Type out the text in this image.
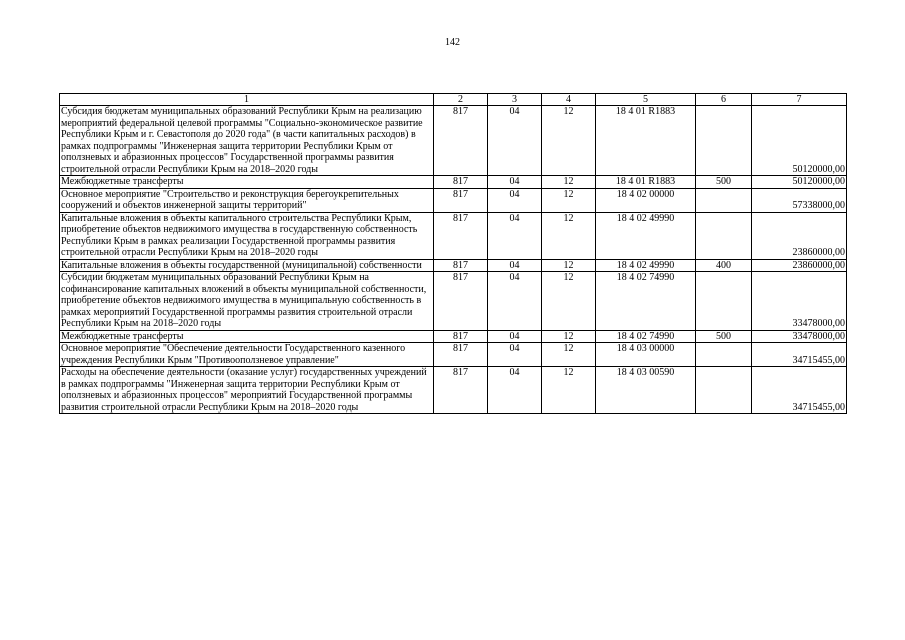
142
1	2	3	4	5	6	7
Субсидия бюджетам муниципальных образований Республики Крым на реализацию мероприятий федеральной целевой программы "Социально-экономическое развитие Республики Крым и г. Севастополя до 2020 года" (в части капитальных расходов) в рамках подпрограммы "Инженерная защита территории Республики Крым от оползневых и абразионных процессов" Государственной программы развития строительной отрасли Республики Крым на 2018–2020 годы	817	04	12	18 4 01 R1883		50120000,00
Межбюджетные трансферты	817	04	12	18 4 01 R1883	500	50120000,00
Основное мероприятие "Строительство и реконструкция берегоукрепительных сооружений и объектов инженерной защиты территорий"	817	04	12	18 4 02 00000		57338000,00
Капитальные вложения в объекты капитального строительства Республики Крым, приобретение объектов недвижимого имущества в государственную собственность Республики Крым в рамках реализации Государственной программы развития строительной отрасли Республики Крым на 2018–2020 годы	817	04	12	18 4 02 49990		23860000,00
Капитальные вложения в объекты государственной (муниципальной) собственности	817	04	12	18 4 02 49990	400	23860000,00
Субсидии бюджетам муниципальных образований Республики Крым на софинансирование капитальных вложений в объекты муниципальной собственности, приобретение объектов недвижимого имущества в муниципальную собственность в рамках мероприятий Государственной программы развития строительной отрасли Республики Крым на 2018–2020 годы	817	04	12	18 4 02 74990		33478000,00
Межбюджетные трансферты	817	04	12	18 4 02 74990	500	33478000,00
Основное мероприятие "Обеспечение деятельности Государственного казенного учреждения Республики Крым "Противооползневое управление"	817	04	12	18 4 03 00000		34715455,00
Расходы на обеспечение деятельности (оказание услуг) государственных учреждений в рамках подпрограммы "Инженерная защита территории Республики Крым от оползневых и абразионных процессов" мероприятий Государственной программы развития строительной отрасли Республики Крым на 2018–2020 годы	817	04	12	18 4 03 00590		34715455,00
